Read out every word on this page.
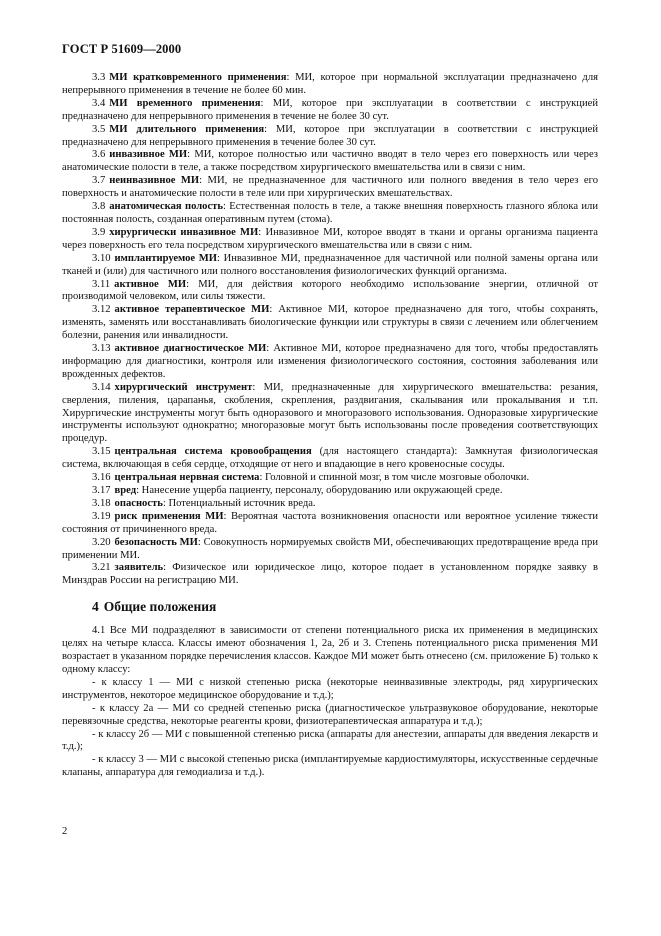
ГОСТ Р 51609—2000

3.3 МИ кратковременного применения: МИ, которое при нормальной эксплуатации предназначено для непрерывного применения в течение не более 60 мин.

3.4 МИ временного применения: МИ, которое при эксплуатации в соответствии с инструкцией предназначено для непрерывного применения в течение не более 30 сут.

3.5 МИ длительного применения: МИ, которое при эксплуатации в соответствии с инструкцией предназначено для непрерывного применения в течение более 30 сут.

3.6 инвазивное МИ: МИ, которое полностью или частично вводят в тело через его поверхность или через анатомические полости в теле, а также посредством хирургического вмешательства или в связи с ним.

3.7 неинвазивное МИ: МИ, не предназначенное для частичного или полного введения в тело через его поверхность и анатомические полости в теле или при хирургических вмешательствах.

3.8 анатомическая полость: Естественная полость в теле, а также внешняя поверхность глазного яблока или постоянная полость, созданная оперативным путем (стома).

3.9 хирургически инвазивное МИ: Инвазивное МИ, которое вводят в ткани и органы организма пациента через поверхность его тела посредством хирургического вмешательства или в связи с ним.

3.10 имплантируемое МИ: Инвазивное МИ, предназначенное для частичной или полной замены органа или тканей и (или) для частичного или полного восстановления физиологических функций организма.

3.11 активное МИ: МИ, для действия которого необходимо использование энергии, отличной от производимой человеком, или силы тяжести.

3.12 активное терапевтическое МИ: Активное МИ, которое предназначено для того, чтобы сохранять, изменять, заменять или восстанавливать биологические функции или структуры в связи с лечением или облегчением болезни, ранения или инвалидности.

3.13 активное диагностическое МИ: Активное МИ, которое предназначено для того, чтобы предоставлять информацию для диагностики, контроля или изменения физиологического состояния, состояния заболевания или врожденных дефектов.

3.14 хирургический инструмент: МИ, предназначенные для хирургического вмешательства: резания, сверления, пиления, царапанья, скобления, скрепления, раздвигания, скалывания или прокалывания и т.п. Хирургические инструменты могут быть одноразового и многоразового использования. Одноразовые хирургические инструменты используют однократно; многоразовые могут быть использованы после проведения соответствующих процедур.

3.15 центральная система кровообращения (для настоящего стандарта): Замкнутая физиологическая система, включающая в себя сердце, отходящие от него и впадающие в него кровеносные сосуды.

3.16 центральная нервная система: Головной и спинной мозг, в том числе мозговые оболочки.

3.17 вред: Нанесение ущерба пациенту, персоналу, оборудованию или окружающей среде.

3.18 опасность: Потенциальный источник вреда.

3.19 риск применения МИ: Вероятная частота возникновения опасности или вероятное усиление тяжести состояния от причиненного вреда.

3.20 безопасность МИ: Совокупность нормируемых свойств МИ, обеспечивающих предотвращение вреда при применении МИ.

3.21 заявитель: Физическое или юридическое лицо, которое подает в установленном порядке заявку в Минздрав России на регистрацию МИ.

4 Общие положения

4.1 Все МИ подразделяют в зависимости от степени потенциального риска их применения в медицинских целях на четыре класса. Классы имеют обозначения 1, 2а, 2б и 3. Степень потенциального риска применения МИ возрастает в указанном порядке перечисления классов. Каждое МИ может быть отнесено (см. приложение Б) только к одному классу:

- к классу 1 — МИ с низкой степенью риска (некоторые неинвазивные электроды, ряд хирургических инструментов, некоторое медицинское оборудование и т.д.);

- к классу 2а — МИ со средней степенью риска (диагностическое ультразвуковое оборудование, некоторые перевязочные средства, некоторые реагенты крови, физиотерапевтическая аппаратура и т.д.);

- к классу 2б — МИ с повышенной степенью риска (аппараты для анестезии, аппараты для введения лекарств и т.д.);

- к классу 3 — МИ с высокой степенью риска (имплантируемые кардиостимуляторы, искусственные сердечные клапаны, аппаратура для гемодиализа и т.д.).

2
